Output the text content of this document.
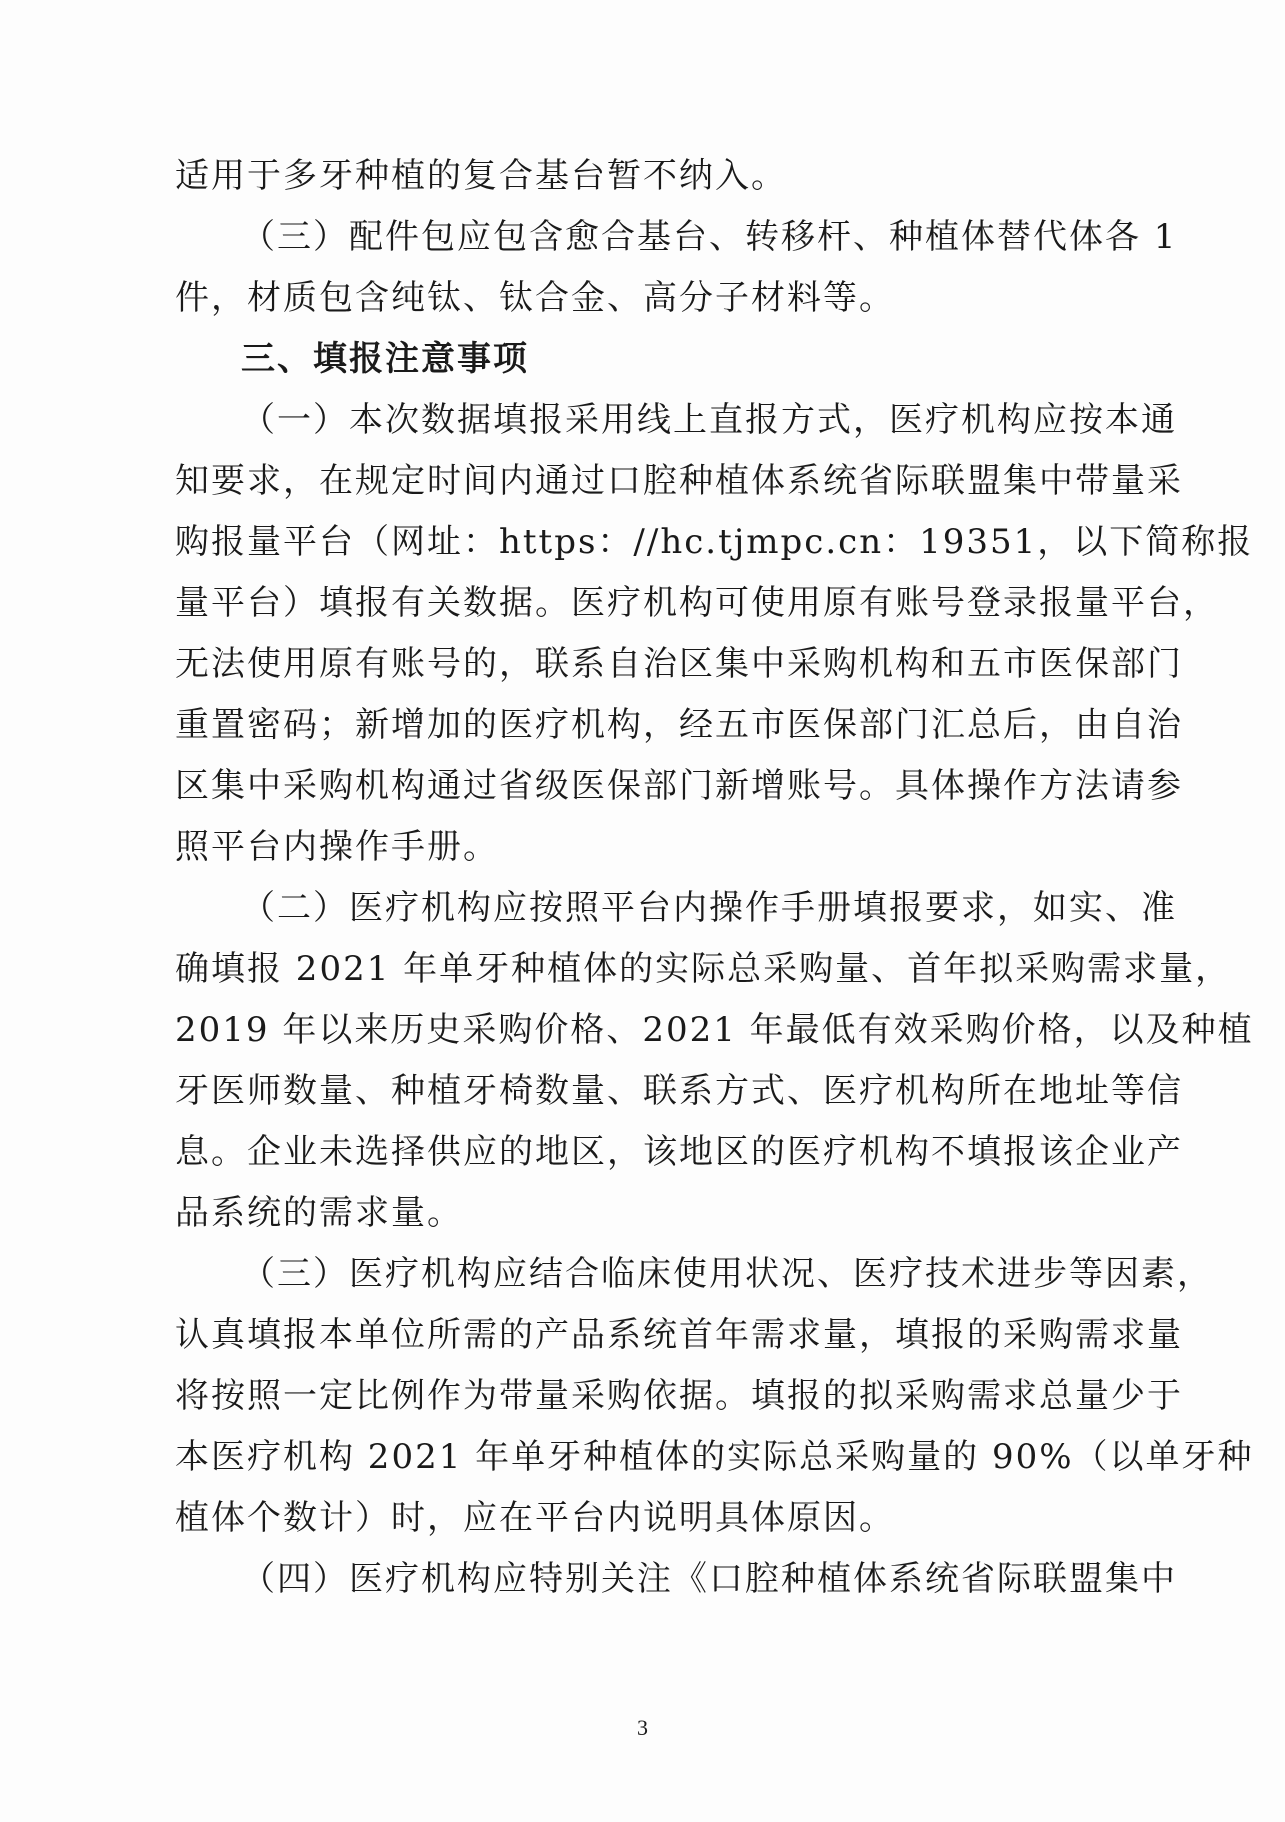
适用于多牙种植的复合基台暂不纳入。
（三）配件包应包含愈合基台、转移杆、种植体替代体各 1
件，材质包含纯钛、钛合金、高分子材料等。
三、填报注意事项
（一）本次数据填报采用线上直报方式，医疗机构应按本通
知要求，在规定时间内通过口腔种植体系统省际联盟集中带量采
购报量平台（网址：https：//hc.tjmpc.cn：19351，以下简称报
量平台）填报有关数据。医疗机构可使用原有账号登录报量平台，
无法使用原有账号的，联系自治区集中采购机构和五市医保部门
重置密码；新增加的医疗机构，经五市医保部门汇总后，由自治
区集中采购机构通过省级医保部门新增账号。具体操作方法请参
照平台内操作手册。
（二）医疗机构应按照平台内操作手册填报要求，如实、准
确填报 2021 年单牙种植体的实际总采购量、首年拟采购需求量，
2019 年以来历史采购价格、2021 年最低有效采购价格，以及种植
牙医师数量、种植牙椅数量、联系方式、医疗机构所在地址等信
息。企业未选择供应的地区，该地区的医疗机构不填报该企业产
品系统的需求量。
（三）医疗机构应结合临床使用状况、医疗技术进步等因素，
认真填报本单位所需的产品系统首年需求量，填报的采购需求量
将按照一定比例作为带量采购依据。填报的拟采购需求总量少于
本医疗机构 2021 年单牙种植体的实际总采购量的 90%（以单牙种
植体个数计）时，应在平台内说明具体原因。
（四）医疗机构应特别关注《口腔种植体系统省际联盟集中
3
